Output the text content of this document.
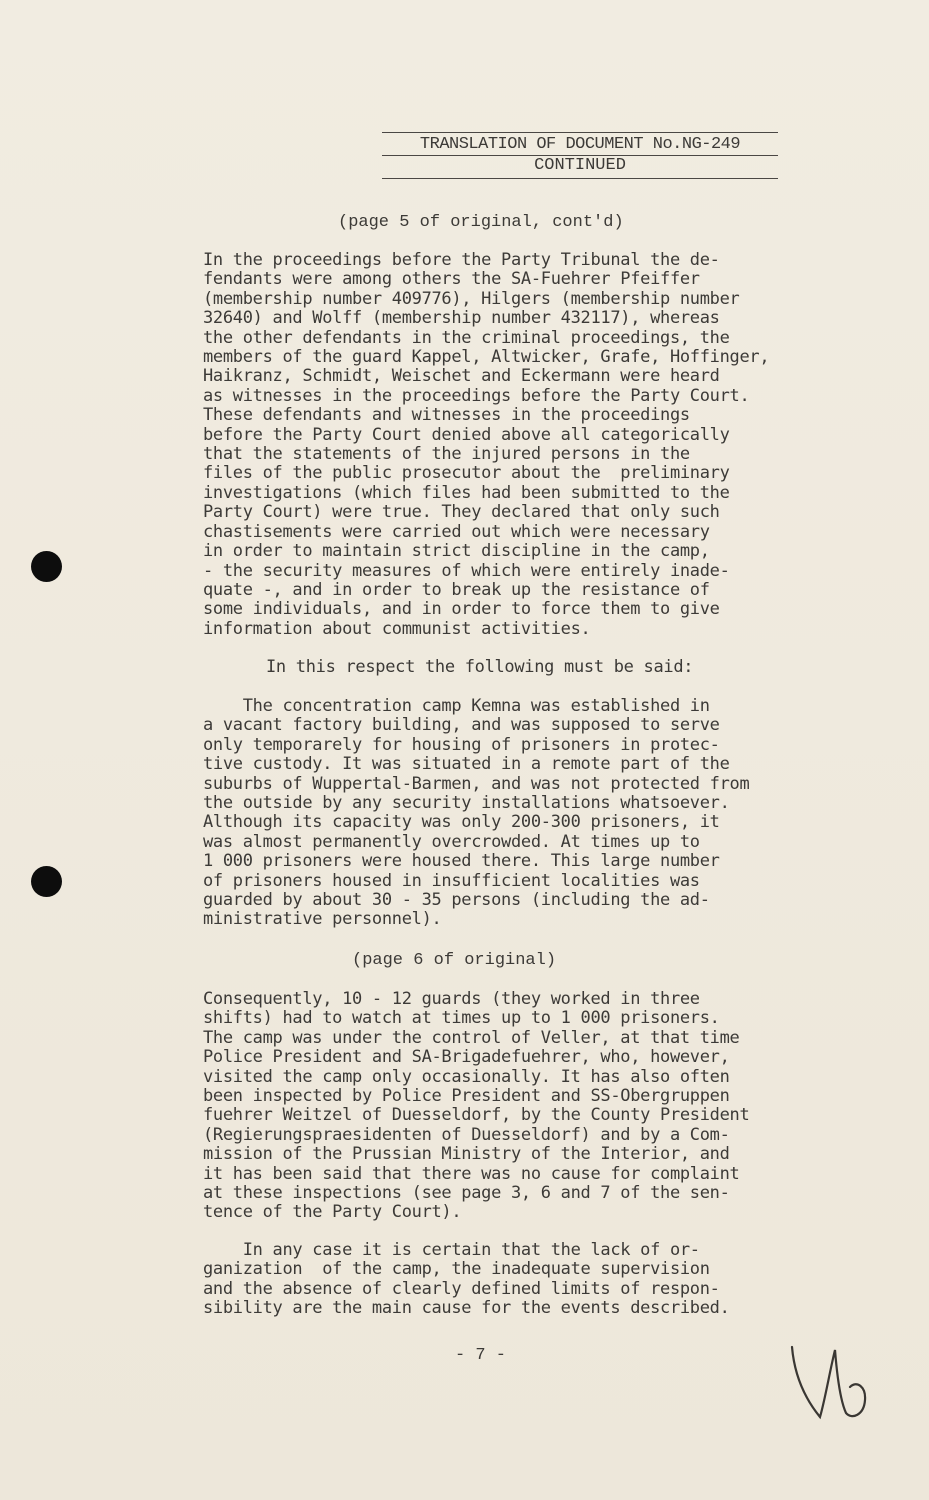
TRANSLATION OF DOCUMENT No.NG-249
CONTINUED
(page 5 of original, cont'd)
In the proceedings before the Party Tribunal the de-
fendants were among others the SA-Fuehrer Pfeiffer
(membership number 409776), Hilgers (membership number
32640) and Wolff (membership number 432117), whereas
the other defendants in the criminal proceedings, the
members of the guard Kappel, Altwicker, Grafe, Hoffinger,
Haikranz, Schmidt, Weischet and Eckermann were heard
as witnesses in the proceedings before the Party Court.
These defendants and witnesses in the proceedings
before the Party Court denied above all categorically
that the statements of the injured persons in the
files of the public prosecutor about the  preliminary
investigations (which files had been submitted to the
Party Court) were true. They declared that only such
chastisements were carried out which were necessary
in order to maintain strict discipline in the camp,
- the security measures of which were entirely inade-
quate -, and in order to break up the resistance of
some individuals, and in order to force them to give
information about communist activities.
In this respect the following must be said:
The concentration camp Kemna was established in
a vacant factory building, and was supposed to serve
only temporarely for housing of prisoners in protec-
tive custody. It was situated in a remote part of the
suburbs of Wuppertal-Barmen, and was not protected from
the outside by any security installations whatsoever.
Although its capacity was only 200-300 prisoners, it
was almost permanently overcrowded. At times up to
1 000 prisoners were housed there. This large number
of prisoners housed in insufficient localities was
guarded by about 30 - 35 persons (including the ad-
ministrative personnel).
(page 6 of original)
Consequently, 10 - 12 guards (they worked in three
shifts) had to watch at times up to 1 000 prisoners.
The camp was under the control of Veller, at that time
Police President and SA-Brigadefuehrer, who, however,
visited the camp only occasionally. It has also often
been inspected by Police President and SS-Obergruppen
fuehrer Weitzel of Duesseldorf, by the County President
(Regierungspraesidenten of Duesseldorf) and by a Com-
mission of the Prussian Ministry of the Interior, and
it has been said that there was no cause for complaint
at these inspections (see page 3, 6 and 7 of the sen-
tence of the Party Court).
In any case it is certain that the lack of or-
ganization  of the camp, the inadequate supervision
and the absence of clearly defined limits of respon-
sibility are the main cause for the events described.
- 7 -
